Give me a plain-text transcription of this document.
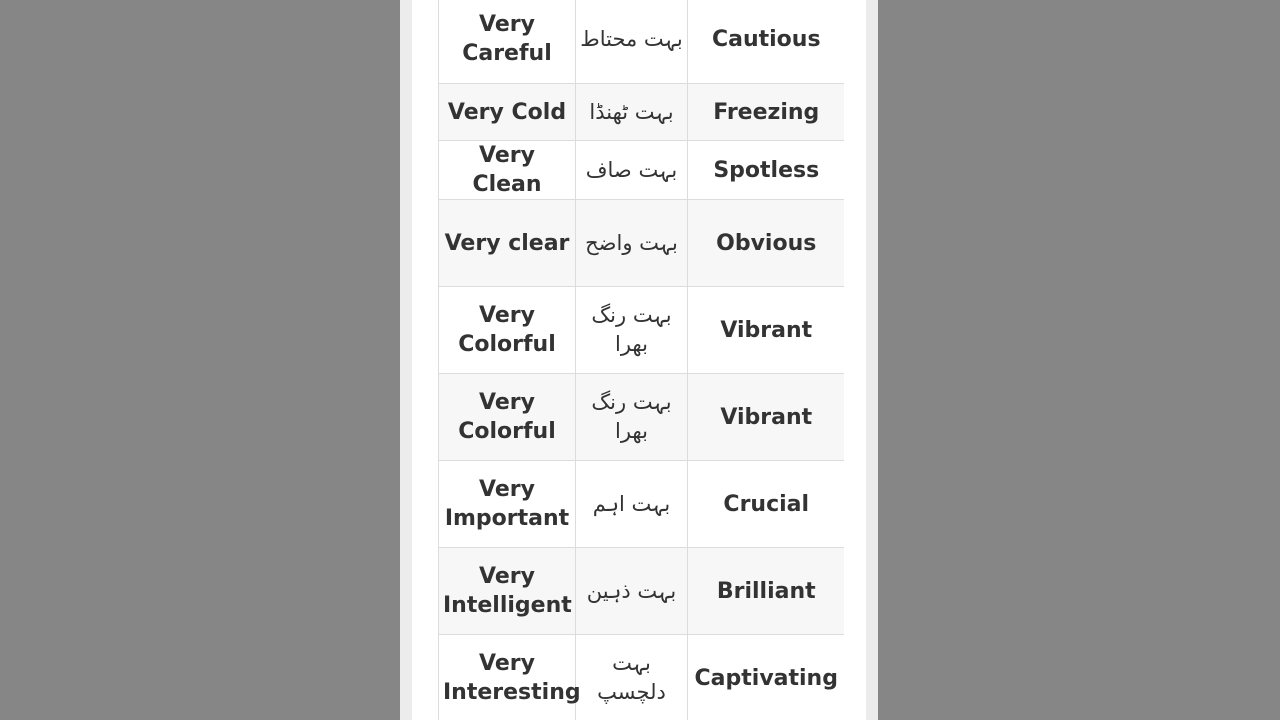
Very Careful	بہت محتاط	Cautious
Very Cold	بہت ٹھنڈا	Freezing
Very Clean	بہت صاف	Spotless
Very clear	بہت واضح	Obvious
Very Colorful	بہت رنگ بھرا	Vibrant
Very Colorful	بہت رنگ بھرا	Vibrant
Very Important	بہت اہم	Crucial
Very Intelligent	بہت ذہین	Brilliant
Very Interesting	بہت دلچسپ	Captivating
